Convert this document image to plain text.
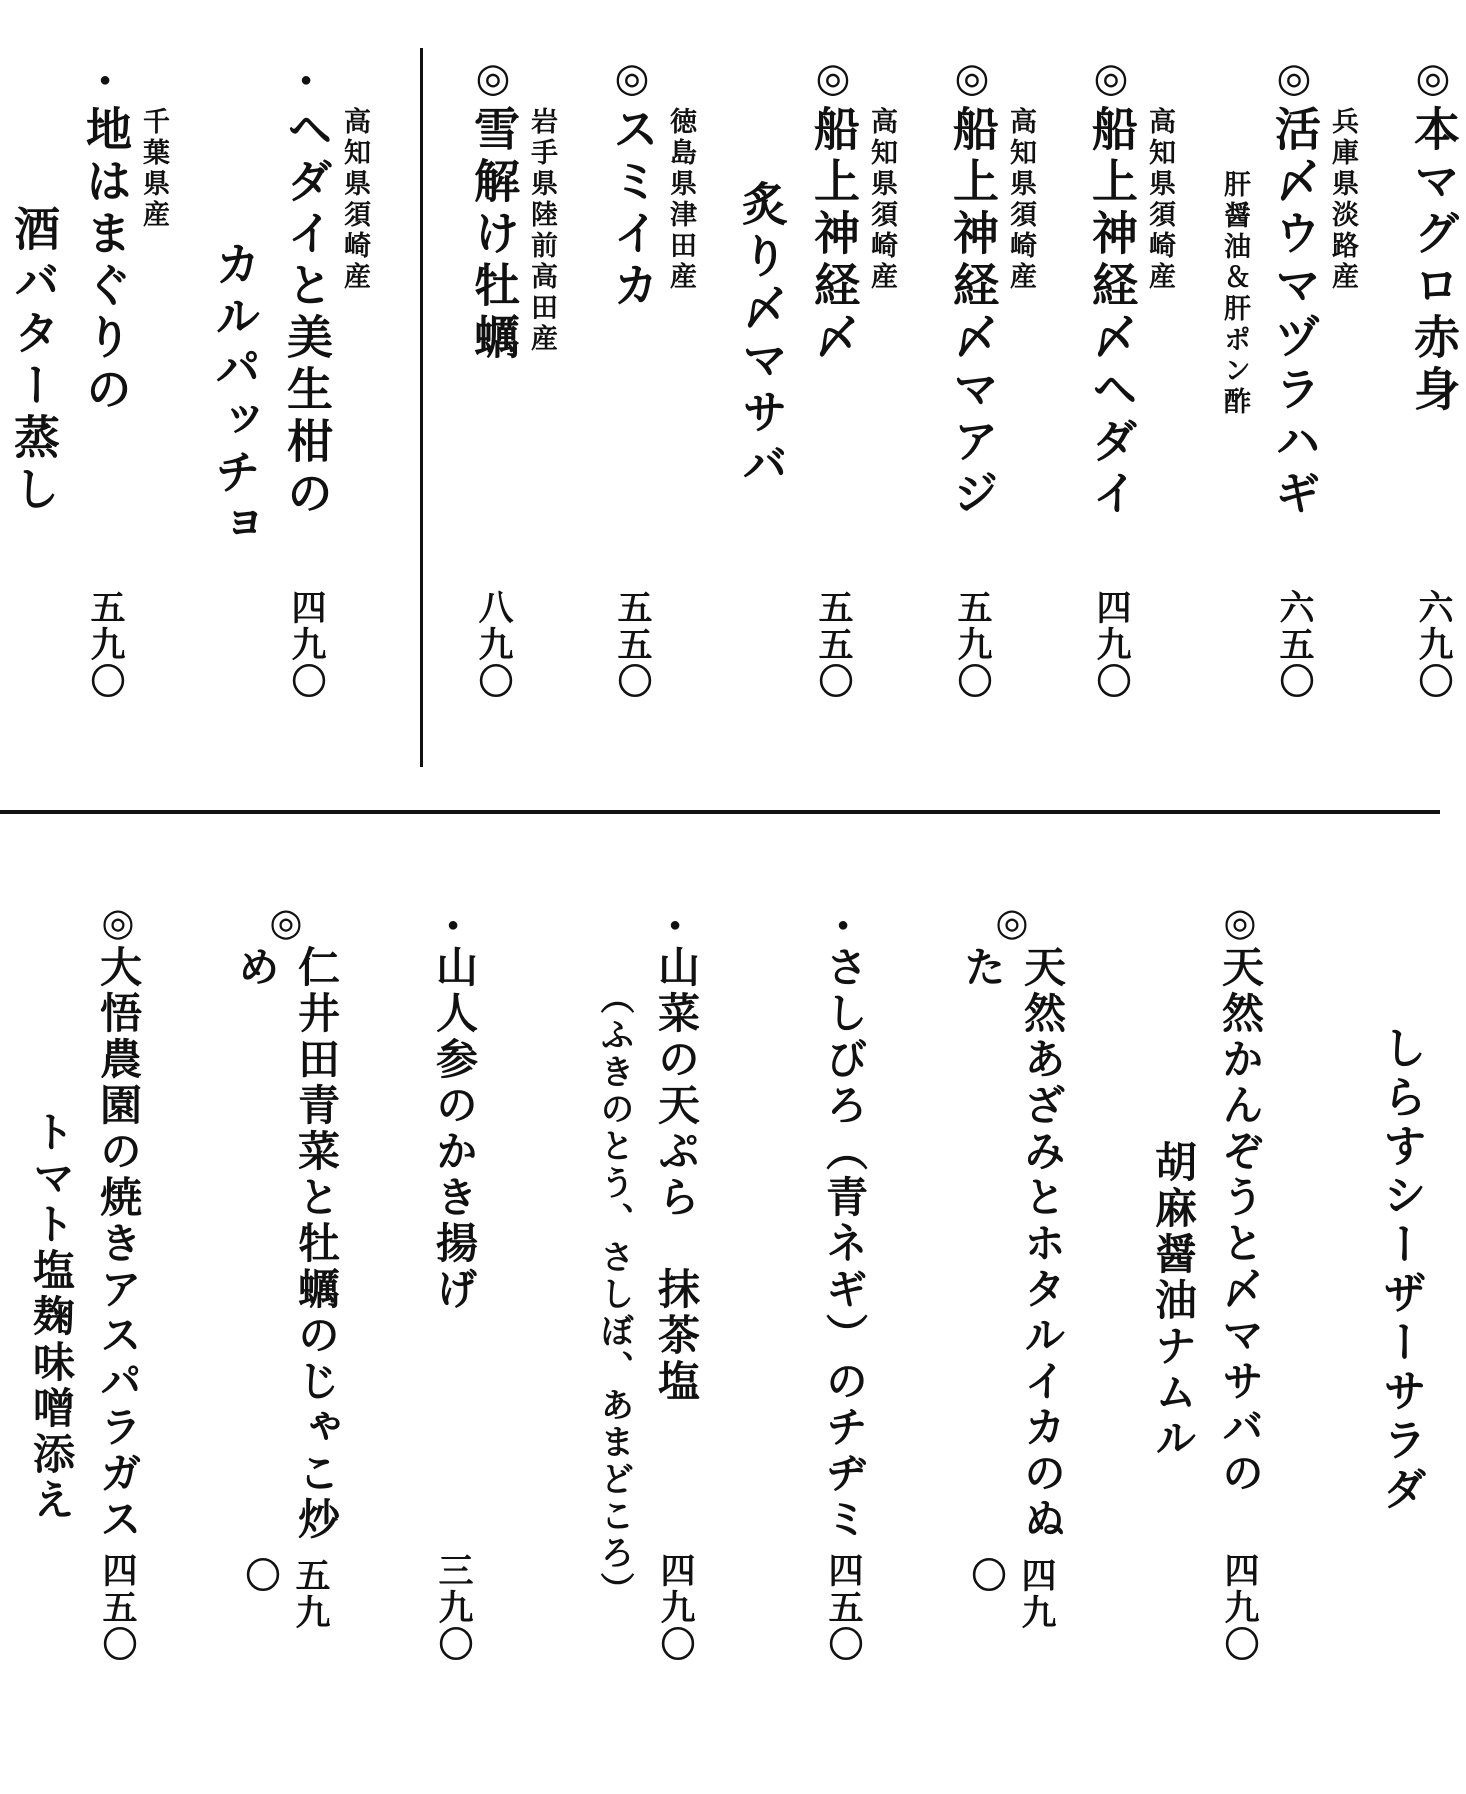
◎
本マグロ赤身
六九〇
兵庫県淡路産
◎
活〆ウマヅラハギ
六五〇
肝醤油＆肝ポン酢
高知県須崎産
◎
船上神経〆ヘダイ
四九〇
高知県須崎産
◎
船上神経〆マアジ
五九〇
高知県須崎産
◎
船上神経〆
五五〇
炙り〆マサバ
徳島県津田産
◎
スミイカ
五五〇
岩手県陸前高田産
◎
雪解け牡蠣
八九〇
高知県須崎産
●
ヘダイと美生柑の
四九〇
カルパッチョ
千葉県産
●
地はまぐりの
五九〇
酒バター蒸し
しらすシーザーサラダ
◎
天然かんぞうと〆マサバの
四九〇
胡麻醤油ナムル
◎
天然あざみとホタルイカのぬた
四九〇
●
さしびろ（青ネギ）のチヂミ
四五〇
●
山菜の天ぷら　抹茶塩
四九〇
（ふきのとう、さしぼ、あまどころ）
●
山人参のかき揚げ
三九〇
◎
仁井田青菜と牡蠣のじゃこ炒め
五九〇
◎
大悟農園の焼きアスパラガス
四五〇
トマト塩麹味噌添え
